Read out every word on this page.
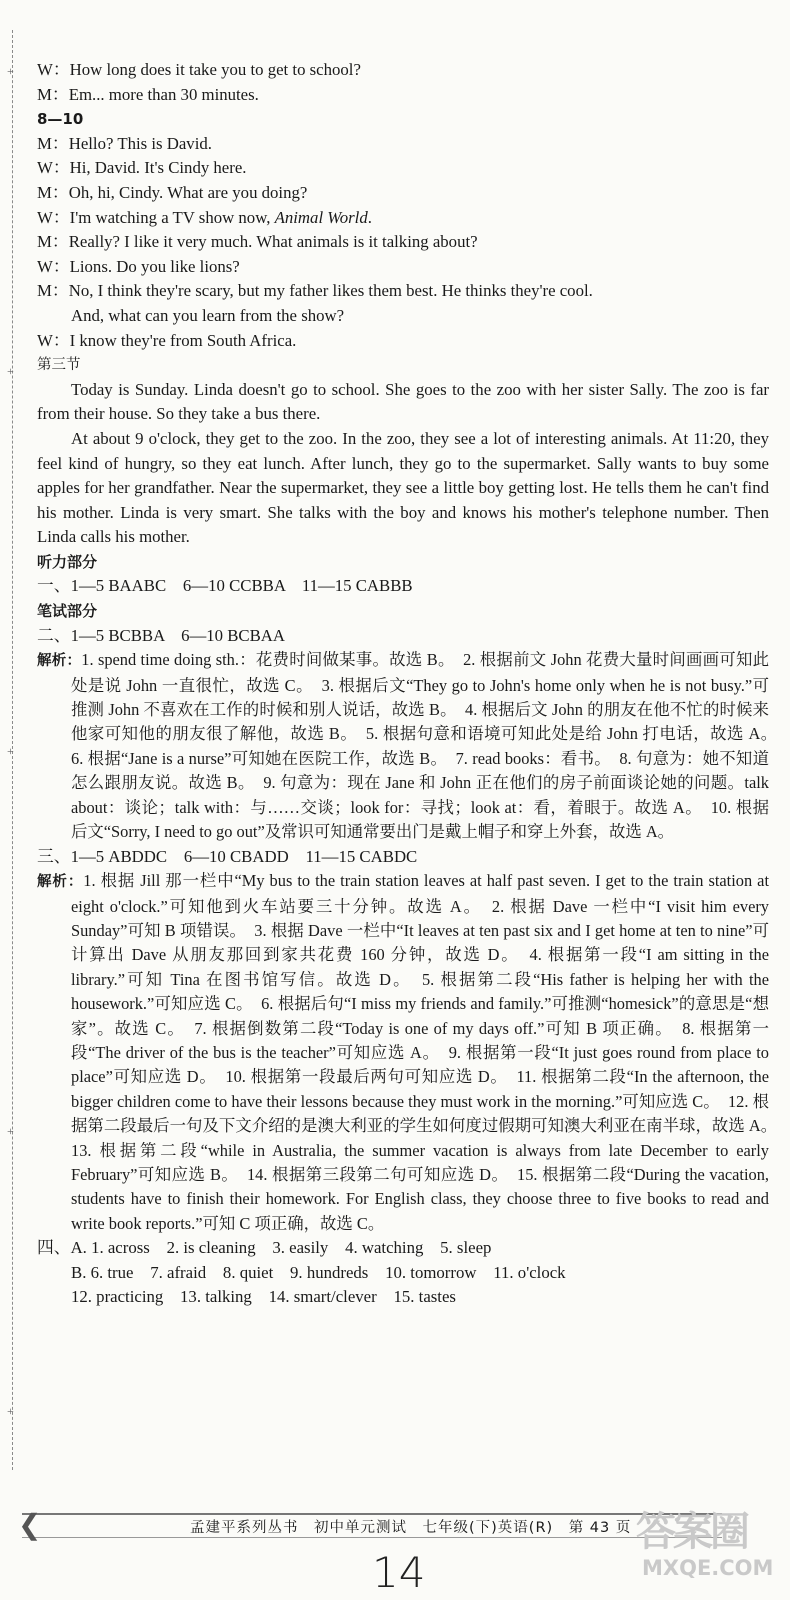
+
+
+
+
+
W：How long does it take you to get to school?
M：Em... more than 30 minutes.
8—10
M：Hello? This is David.
W：Hi, David. It's Cindy here.
M：Oh, hi, Cindy. What are you doing?
W：I'm watching a TV show now, Animal World.
M：Really? I like it very much. What animals is it talking about?
W：Lions. Do you like lions?
M：No, I think they're scary, but my father likes them best. He thinks they're cool.
And, what can you learn from the show?
W：I know they're from South Africa.
第三节
Today is Sunday. Linda doesn't go to school. She goes to the zoo with her sister Sally. The zoo is far from their house. So they take a bus there.
At about 9 o'clock, they get to the zoo. In the zoo, they see a lot of interesting animals. At 11:20, they feel kind of hungry, so they eat lunch. After lunch, they go to the supermarket. Sally wants to buy some apples for her grandfather. Near the supermarket, they see a little boy getting lost. He tells them he can't find his mother. Linda is very smart. She talks with the boy and knows his mother's telephone number. Then Linda calls his mother.
听力部分
一、1—5 BAABC　6—10 CCBBA　11—15 CABBB
笔试部分
二、1—5 BCBBA　6—10 BCBAA
解析：1. spend time doing sth.：花费时间做某事。故选 B。　2. 根据前文 John 花费大量时间画画可知此处是说 John 一直很忙，故选 C。　3. 根据后文“They go to John's home only when he is not busy.”可推测 John 不喜欢在工作的时候和别人说话，故选 B。　4. 根据后文 John 的朋友在他不忙的时候来他家可知他的朋友很了解他，故选 B。　5. 根据句意和语境可知此处是给 John 打电话，故选 A。　6. 根据“Jane is a nurse”可知她在医院工作，故选 B。　7. read books：看书。　8. 句意为：她不知道怎么跟朋友说。故选 B。　9. 句意为：现在 Jane 和 John 正在他们的房子前面谈论她的问题。talk about：谈论；talk with：与……交谈；look for：寻找；look at：看，着眼于。故选 A。　10. 根据后文“Sorry, I need to go out”及常识可知通常要出门是戴上帽子和穿上外套，故选 A。
三、1—5 ABDDC　6—10 CBADD　11—15 CABDC
解析：1. 根据 Jill 那一栏中“My bus to the train station leaves at half past seven. I get to the train station at eight o'clock.”可知他到火车站要三十分钟。故选 A。　2. 根据 Dave 一栏中“I visit him every Sunday”可知 B 项错误。　3. 根据 Dave 一栏中“It leaves at ten past six and I get home at ten to nine”可计算出 Dave 从朋友那回到家共花费 160 分钟，故选 D。　4. 根据第一段“I am sitting in the library.”可知 Tina 在图书馆写信。故选 D。　5. 根据第二段“His father is helping her with the housework.”可知应选 C。　6. 根据后句“I miss my friends and family.”可推测“homesick”的意思是“想家”。故选 C。　7. 根据倒数第二段“Today is one of my days off.”可知 B 项正确。　8. 根据第一段“The driver of the bus is the teacher”可知应选 A。　9. 根据第一段“It just goes round from place to place”可知应选 D。　10. 根据第一段最后两句可知应选 D。　11. 根据第二段“In the afternoon, the bigger children come to have their lessons because they must work in the morning.”可知应选 C。　12. 根据第二段最后一句及下文介绍的是澳大利亚的学生如何度过假期可知澳大利亚在南半球，故选 A。　13. 根据第二段“while in Australia, the summer vacation is always from late December to early February”可知应选 B。　14. 根据第三段第二句可知应选 D。　15. 根据第二段“During the vacation, students have to finish their homework. For English class, they choose three to five books to read and write book reports.”可知 C 项正确，故选 C。
四、A. 1. across　2. is cleaning　3. easily　4. watching　5. sleep
B. 6. true　7. afraid　8. quiet　9. hundreds　10. tomorrow　11. o'clock
12. practicing　13. talking　14. smart/clever　15. tastes
❮	孟建平系列丛书　初中单元测试　七年级(下)英语(R)　第 43 页
14
答案圈
MXQE.COM
